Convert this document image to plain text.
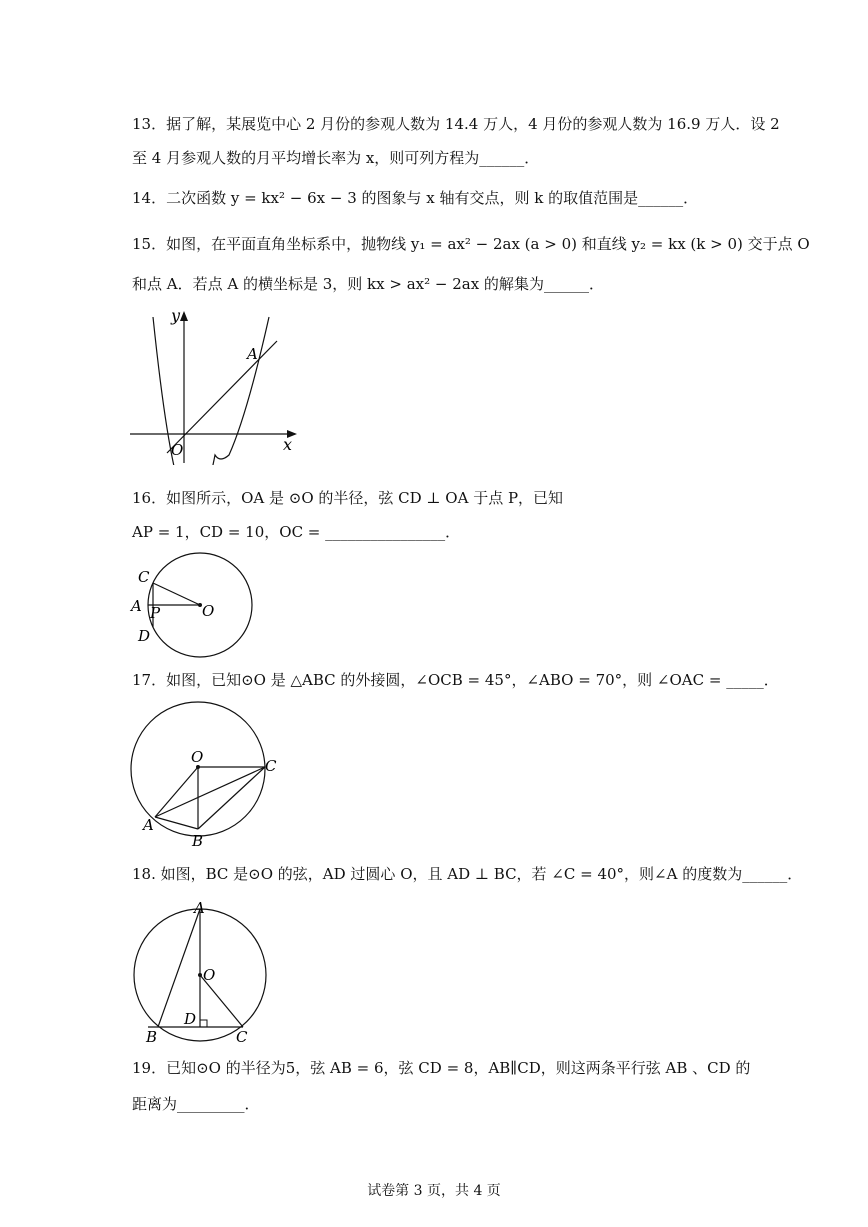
13．据了解，某展览中心 2 月份的参观人数为 14.4 万人，4 月份的参观人数为 16.9 万人．设 2
至 4 月参观人数的月平均增长率为 x，则可列方程为______．
14．二次函数 y = kx² − 6x − 3 的图象与 x 轴有交点，则 k 的取值范围是______．
15．如图，在平面直角坐标系中，抛物线 y₁ = ax² − 2ax (a > 0) 和直线 y₂ = kx (k > 0) 交于点 O
和点 A．若点 A 的横坐标是 3，则 kx > ax² − 2ax 的解集为______．
y
x
O
A
16．如图所示，OA 是 ⊙O 的半径，弦 CD ⊥ OA 于点 P，已知
AP = 1，CD = 10，OC = ________________．
C
A P
D
O
17．如图，已知⊙O 是 △ABC 的外接圆，∠OCB = 45°，∠ABO = 70°，则 ∠OAC = _____．
O	C
A
B
18. 如图，BC 是⊙O 的弦，AD 过圆心 O，且 AD ⊥ BC，若 ∠C = 40°，则∠A 的度数为______．
A
O
B
D
C
19．已知⊙O 的半径为5，弦 AB = 6，弦 CD = 8，AB∥CD，则这两条平行弦 AB 、CD 的
距离为_________．
试卷第 3 页，共 4 页
